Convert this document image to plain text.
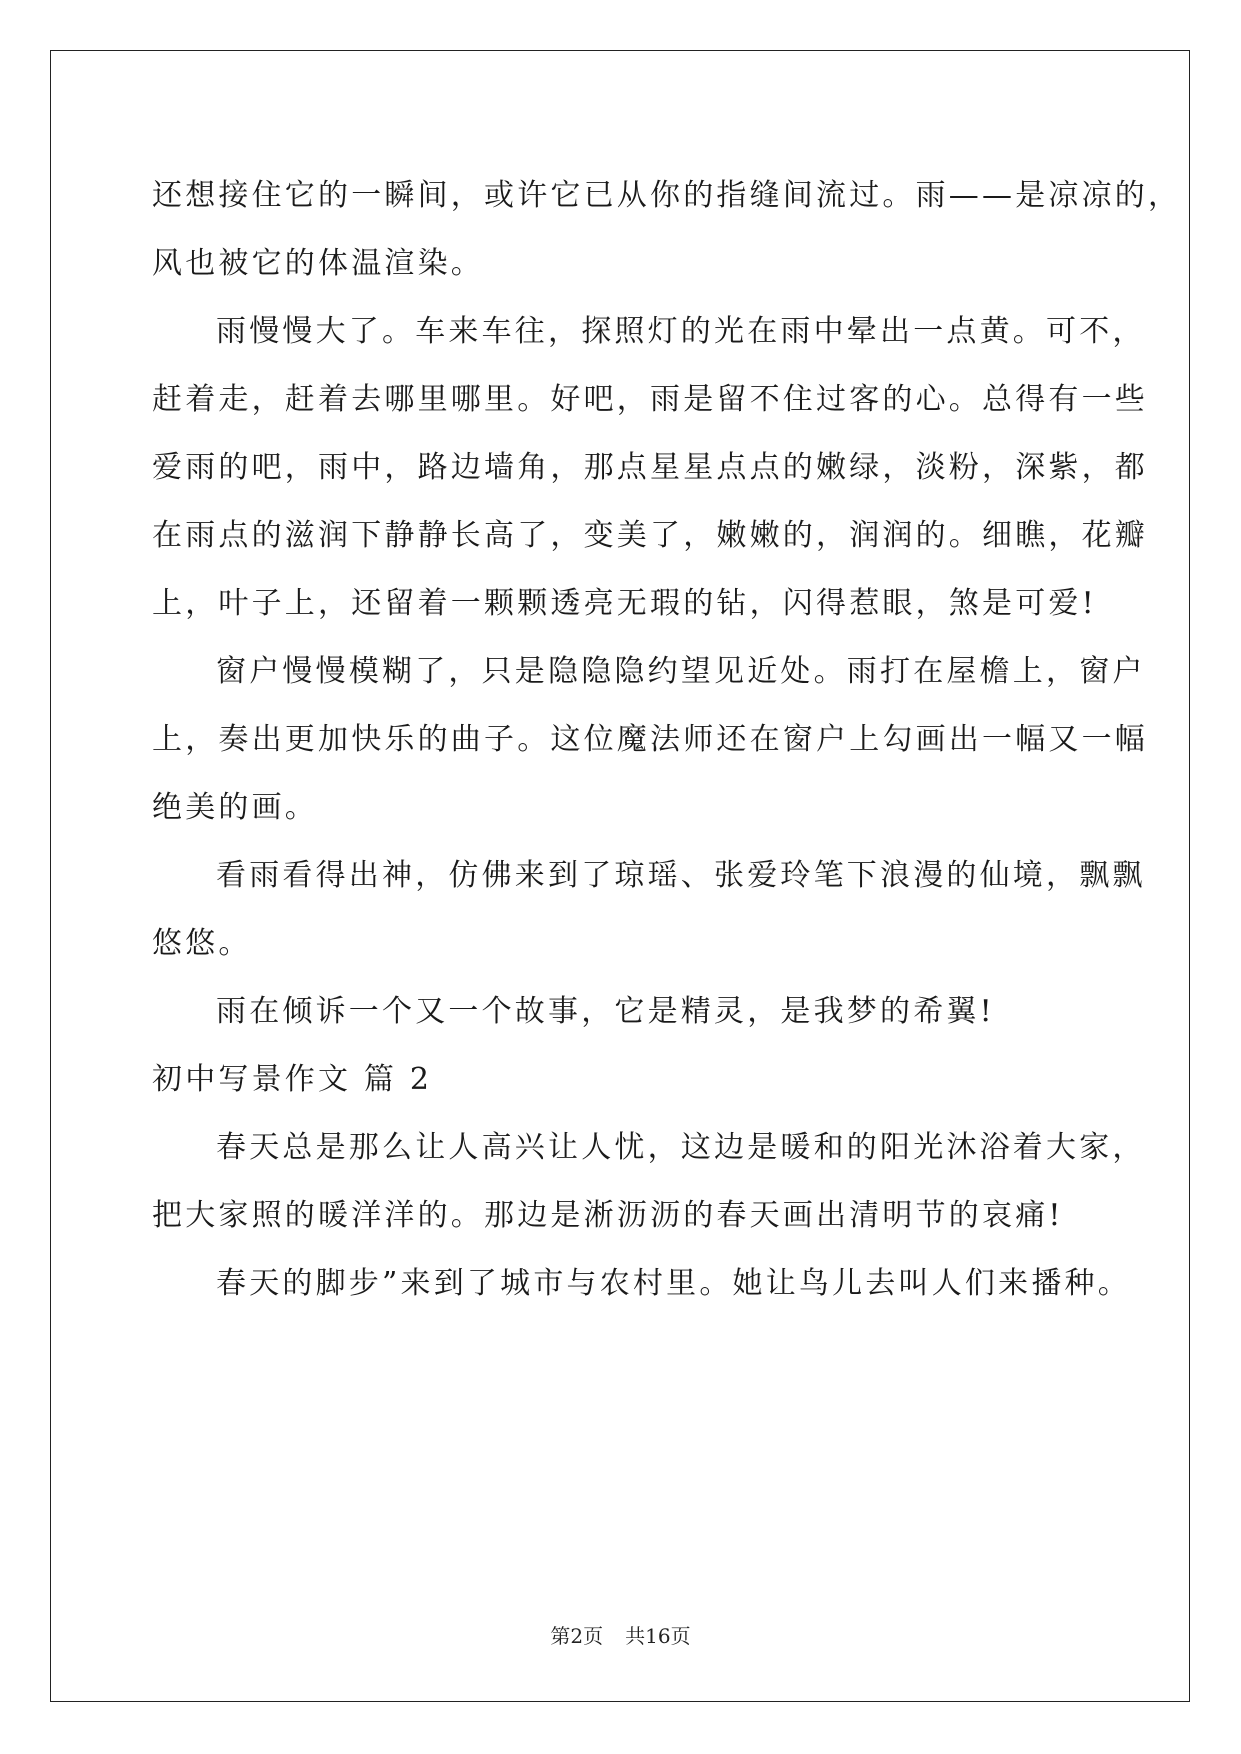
还想接住它的一瞬间，或许它已从你的指缝间流过。雨——是凉凉的，
风也被它的体温渲染。
雨慢慢大了。车来车往，探照灯的光在雨中晕出一点黄。可不，
赶着走，赶着去哪里哪里。好吧，雨是留不住过客的心。总得有一些
爱雨的吧，雨中，路边墙角，那点星星点点的嫩绿，淡粉，深紫，都
在雨点的滋润下静静长高了，变美了，嫩嫩的，润润的。细瞧，花瓣
上，叶子上，还留着一颗颗透亮无瑕的钻，闪得惹眼，煞是可爱!
窗户慢慢模糊了，只是隐隐隐约望见近处。雨打在屋檐上，窗户
上，奏出更加快乐的曲子。这位魔法师还在窗户上勾画出一幅又一幅
绝美的画。
看雨看得出神，仿佛来到了琼瑶、张爱玲笔下浪漫的仙境，飘飘
悠悠。
雨在倾诉一个又一个故事，它是精灵，是我梦的希翼!
初中写景作文 篇 2
春天总是那么让人高兴让人忧，这边是暖和的阳光沐浴着大家，
把大家照的暖洋洋的。那边是淅沥沥的春天画出清明节的哀痛!
春天的脚步”来到了城市与农村里。她让鸟儿去叫人们来播种。
第2页 共16页
